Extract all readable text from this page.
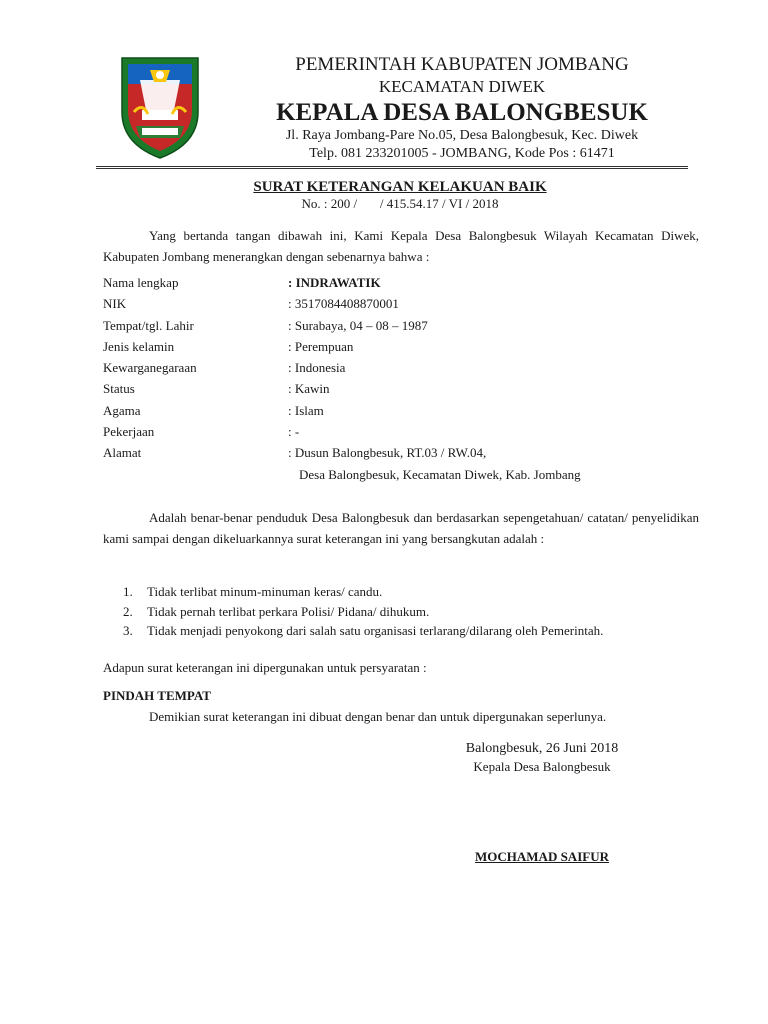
PEMERINTAH KABUPATEN JOMBANG
KECAMATAN DIWEK
KEPALA DESA BALONGBESUK
Jl. Raya Jombang-Pare No.05, Desa Balongbesuk, Kec. Diwek
Telp. 081 233201005 - JOMBANG, Kode Pos : 61471
SURAT KETERANGAN KELAKUAN BAIK
No. : 200 /       / 415.54.17 / VI / 2018
Yang bertanda tangan dibawah ini, Kami Kepala Desa Balongbesuk Wilayah Kecamatan Diwek, Kabupaten Jombang menerangkan dengan sebenarnya bahwa :
Nama lengkap	: INDRAWATIK
NIK	: 3517084408870001
Tempat/tgl. Lahir	: Surabaya, 04 – 08 – 1987
Jenis kelamin	: Perempuan
Kewarganegaraan	: Indonesia
Status	: Kawin
Agama	: Islam
Pekerjaan	: -
Alamat	: Dusun Balongbesuk, RT.03 / RW.04,
Desa Balongbesuk, Kecamatan Diwek, Kab. Jombang
Adalah benar-benar penduduk Desa Balongbesuk dan berdasarkan sepengetahuan/ catatan/ penyelidikan kami sampai dengan dikeluarkannya surat keterangan ini yang bersangkutan adalah :
1. Tidak terlibat minum-minuman keras/ candu.
2. Tidak pernah terlibat perkara Polisi/ Pidana/ dihukum.
3. Tidak menjadi penyokong dari salah satu organisasi terlarang/dilarang oleh Pemerintah.
Adapun surat keterangan ini dipergunakan untuk persyaratan :
PINDAH TEMPAT
Demikian surat keterangan ini dibuat dengan benar dan untuk dipergunakan seperlunya.
Balongbesuk, 26 Juni 2018
Kepala Desa Balongbesuk
MOCHAMAD SAIFUR
